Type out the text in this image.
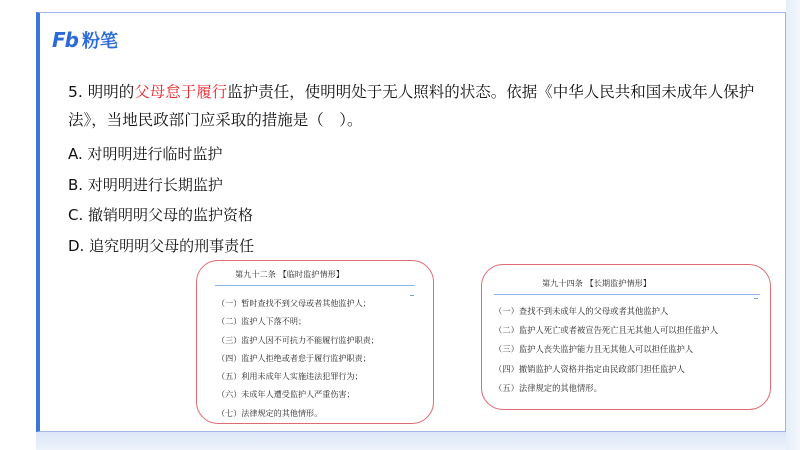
Fb 粉笔
5. 明明的父母怠于履行监护责任，使明明处于无人照料的状态。依据《中华人民共和国未成年人保护法》，当地民政部门应采取的措施是（　）。
A. 对明明进行临时监护
B. 对明明进行长期监护
C. 撤销明明父母的监护资格
D. 追究明明父母的刑事责任
第九十二条 【临时监护情形】
（一）暂时查找不到父母或者其他监护人；
（二）监护人下落不明；
（三）监护人因不可抗力不能履行监护职责；
（四）监护人拒绝或者怠于履行监护职责；
（五）利用未成年人实施违法犯罪行为；
（六）未成年人遭受监护人严重伤害；
（七）法律规定的其他情形。
第九十四条 【长期监护情形】
（一）查找不到未成年人的父母或者其他监护人
（二）监护人死亡或者被宣告死亡且无其他人可以担任监护人
（三）监护人丧失监护能力且无其他人可以担任监护人
（四）撤销监护人资格并指定由民政部门担任监护人
（五）法律规定的其他情形。
